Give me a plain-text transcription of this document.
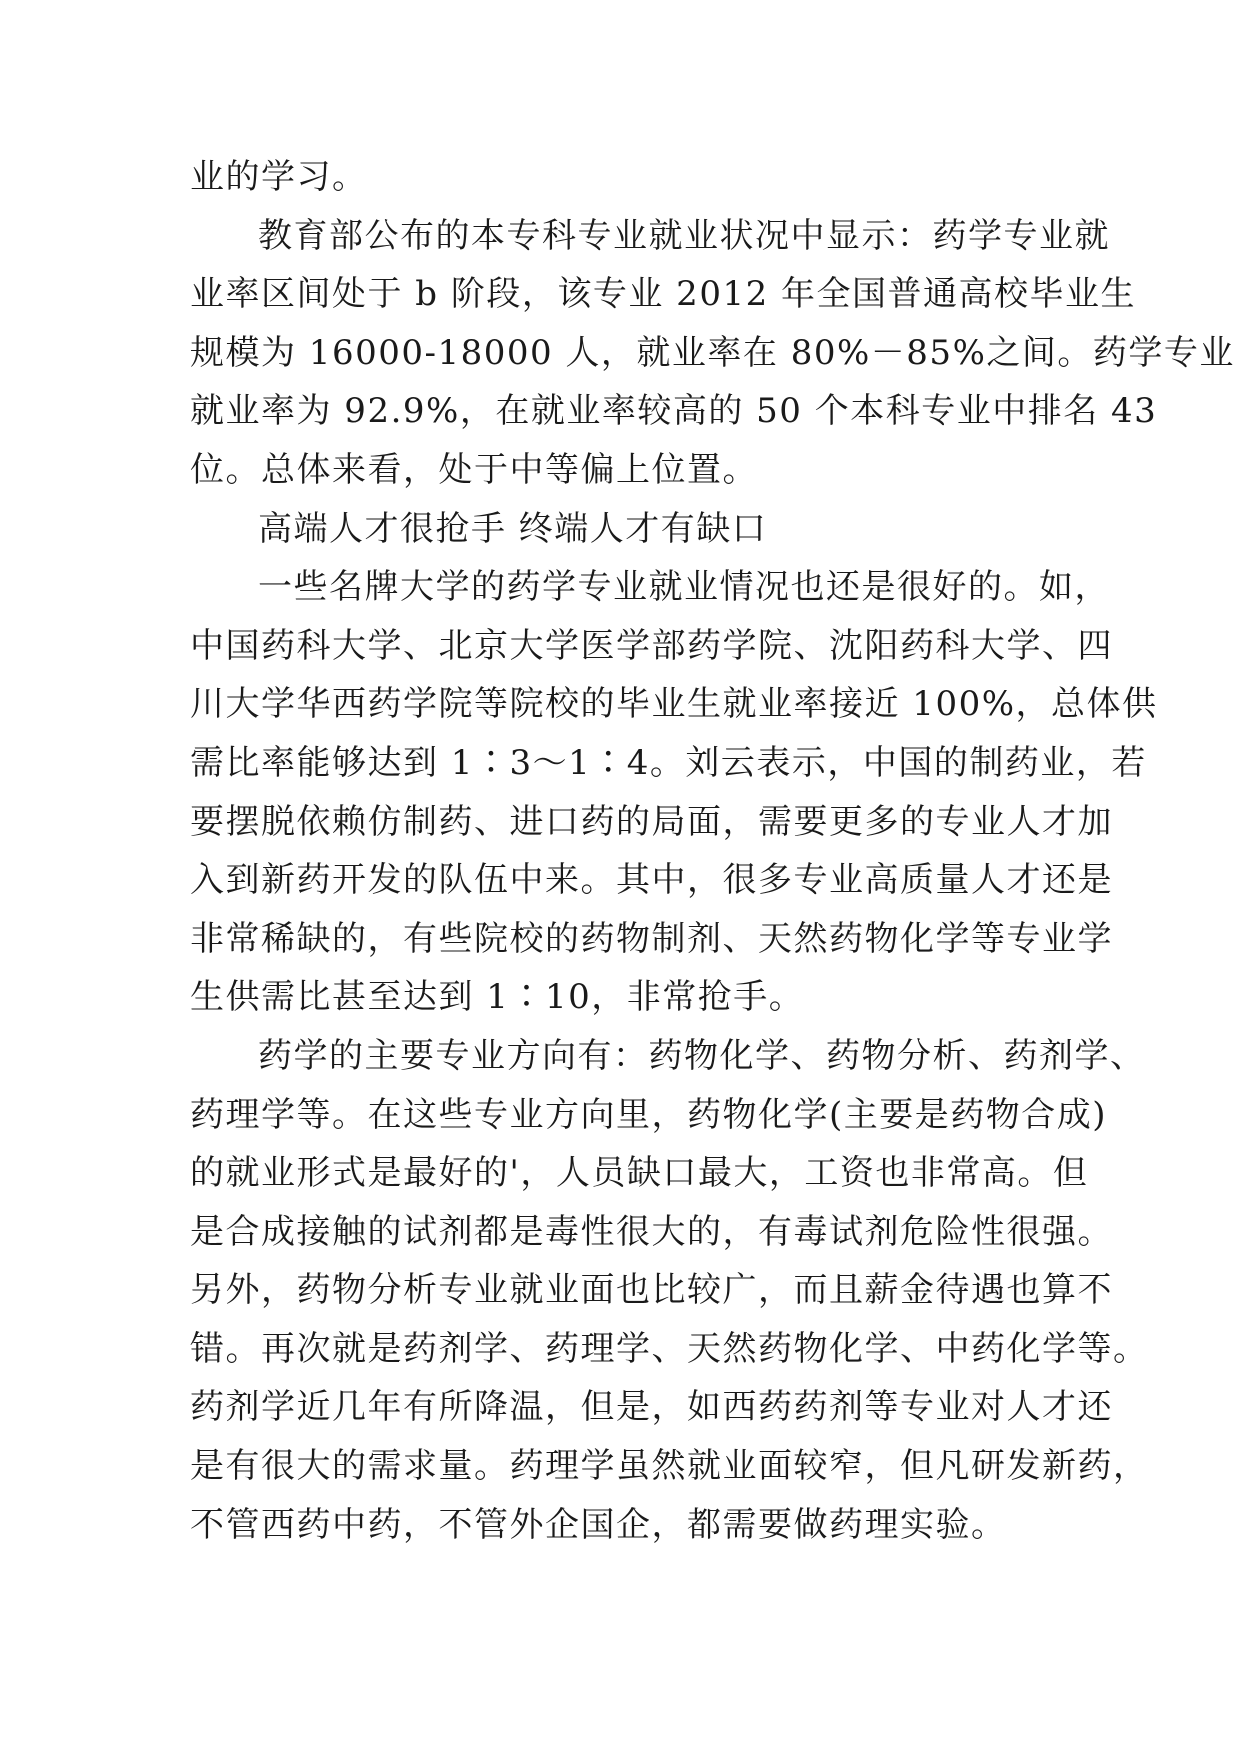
业的学习。
教育部公布的本专科专业就业状况中显示：药学专业就
业率区间处于 b 阶段，该专业 2012 年全国普通高校毕业生
规模为 16000-18000 人，就业率在 80%－85%之间。药学专业
就业率为 92.9%，在就业率较高的 50 个本科专业中排名 43
位。总体来看，处于中等偏上位置。
高端人才很抢手 终端人才有缺口
一些名牌大学的药学专业就业情况也还是很好的。如，
中国药科大学、北京大学医学部药学院、沈阳药科大学、四
川大学华西药学院等院校的毕业生就业率接近 100%，总体供
需比率能够达到 1∶3～1∶4。刘云表示，中国的制药业，若
要摆脱依赖仿制药、进口药的局面，需要更多的专业人才加
入到新药开发的队伍中来。其中，很多专业高质量人才还是
非常稀缺的，有些院校的药物制剂、天然药物化学等专业学
生供需比甚至达到 1∶10，非常抢手。
药学的主要专业方向有：药物化学、药物分析、药剂学、
药理学等。在这些专业方向里，药物化学(主要是药物合成)
的就业形式是最好的'，人员缺口最大，工资也非常高。但
是合成接触的试剂都是毒性很大的，有毒试剂危险性很强。
另外，药物分析专业就业面也比较广，而且薪金待遇也算不
错。再次就是药剂学、药理学、天然药物化学、中药化学等。
药剂学近几年有所降温，但是，如西药药剂等专业对人才还
是有很大的需求量。药理学虽然就业面较窄，但凡研发新药，
不管西药中药，不管外企国企，都需要做药理实验。
